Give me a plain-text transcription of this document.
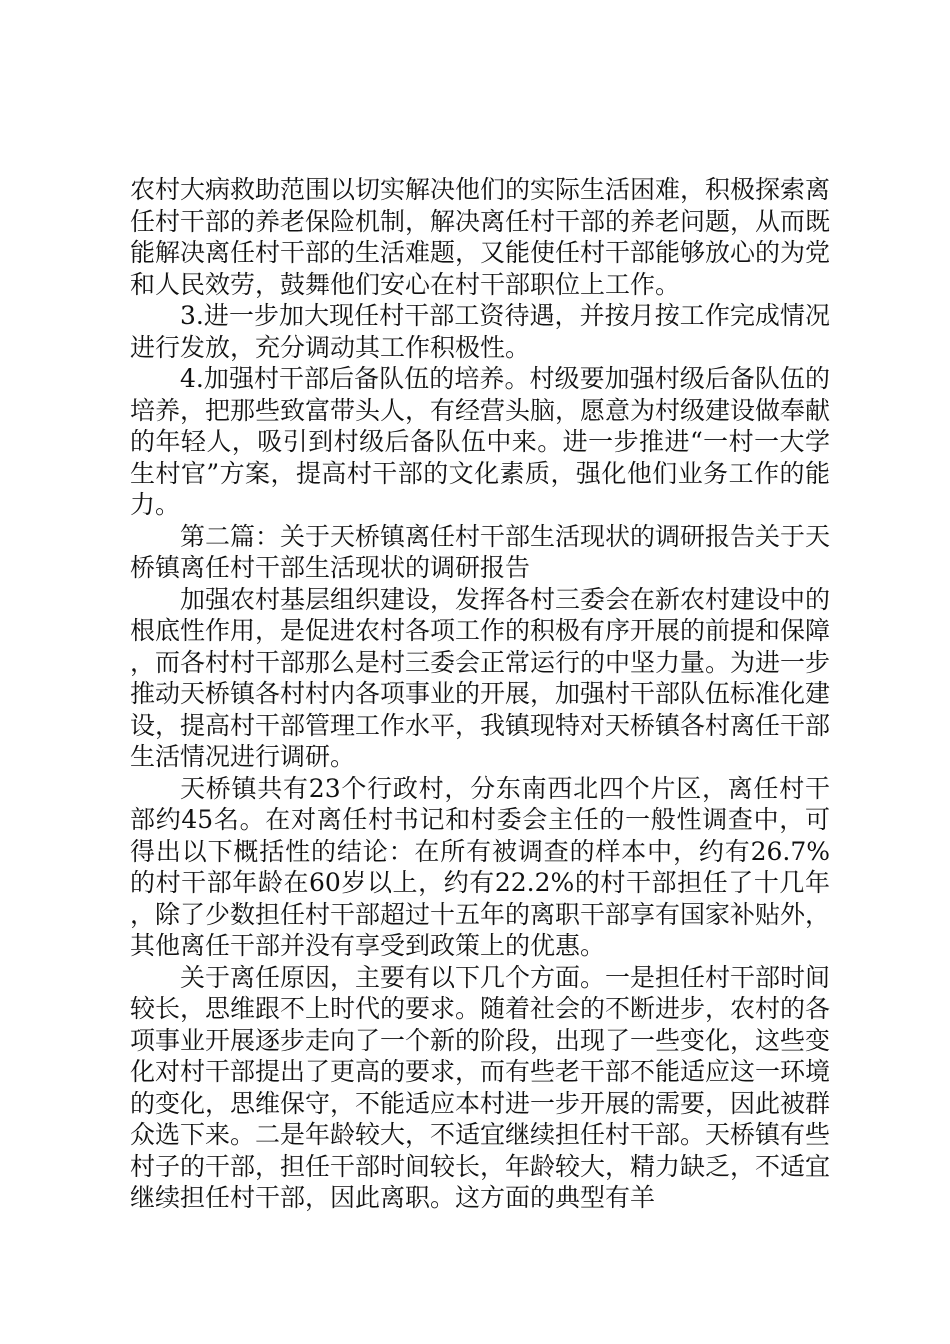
农村大病救助范围以切实解决他们的实际生活困难，积极探索离任村干部的养老保险机制，解决离任村干部的养老问题，从而既能解决离任村干部的生活难题，又能使任村干部能够放心的为党和人民效劳，鼓舞他们安心在村干部职位上工作。

3.进一步加大现任村干部工资待遇，并按月按工作完成情况进行发放，充分调动其工作积极性。

4.加强村干部后备队伍的培养。村级要加强村级后备队伍的培养，把那些致富带头人，有经营头脑，愿意为村级建设做奉献的年轻人，吸引到村级后备队伍中来。进一步推进“一村一大学生村官”方案，提高村干部的文化素质，强化他们业务工作的能力。

第二篇：关于天桥镇离任村干部生活现状的调研报告关于天桥镇离任村干部生活现状的调研报告

加强农村基层组织建设，发挥各村三委会在新农村建设中的根底性作用，是促进农村各项工作的积极有序开展的前提和保障，而各村村干部那么是村三委会正常运行的中坚力量。为进一步推动天桥镇各村村内各项事业的开展，加强村干部队伍标准化建设，提高村干部管理工作水平，我镇现特对天桥镇各村离任干部生活情况进行调研。

天桥镇共有23个行政村，分东南西北四个片区，离任村干部约45名。在对离任村书记和村委会主任的一般性调查中，可得出以下概括性的结论：在所有被调查的样本中，约有26.7%的村干部年龄在60岁以上，约有22.2%的村干部担任了十几年，除了少数担任村干部超过十五年的离职干部享有国家补贴外，其他离任干部并没有享受到政策上的优惠。

关于离任原因，主要有以下几个方面。一是担任村干部时间较长，思维跟不上时代的要求。随着社会的不断进步，农村的各项事业开展逐步走向了一个新的阶段，出现了一些变化，这些变化对村干部提出了更高的要求，而有些老干部不能适应这一环境的变化，思维保守，不能适应本村进一步开展的需要，因此被群众选下来。二是年龄较大，不适宜继续担任村干部。天桥镇有些村子的干部，担任干部时间较长，年龄较大，精力缺乏，不适宜继续担任村干部，因此离职。这方面的典型有羊
